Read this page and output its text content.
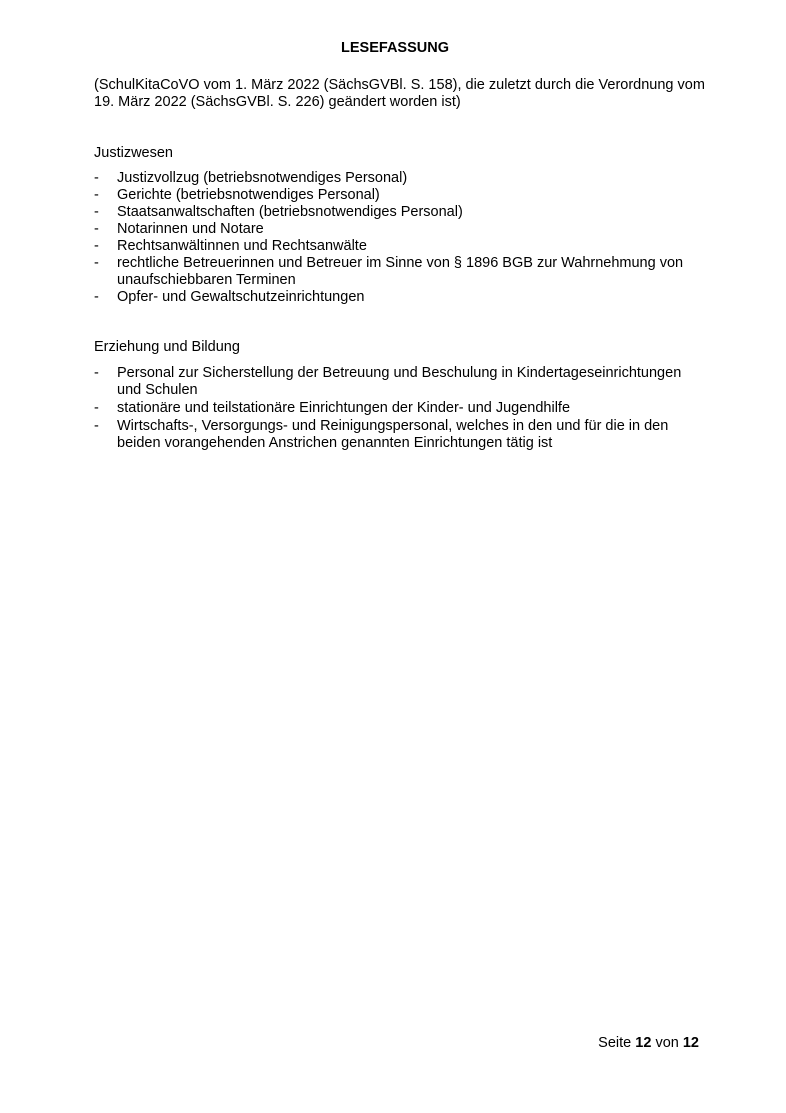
LESEFASSUNG
(SchulKitaCoVO vom 1. März 2022 (SächsGVBl. S. 158), die zuletzt durch die Verordnung vom 19. März 2022 (SächsGVBl. S. 226) geändert worden ist)
Justizwesen
-	Justizvollzug (betriebsnotwendiges Personal)
-	Gerichte (betriebsnotwendiges Personal)
-	Staatsanwaltschaften (betriebsnotwendiges Personal)
-	Notarinnen und Notare
-	Rechtsanwältinnen und Rechtsanwälte
-	rechtliche Betreuerinnen und Betreuer im Sinne von § 1896 BGB zur Wahrnehmung von unaufschiebbaren Terminen
-	Opfer- und Gewaltschutzeinrichtungen
Erziehung und Bildung
-	Personal zur Sicherstellung der Betreuung und Beschulung in Kindertageseinrichtungen und Schulen
-	stationäre und teilstationäre Einrichtungen der Kinder- und Jugendhilfe
-	Wirtschafts-, Versorgungs- und Reinigungspersonal, welches in den und für die in den beiden vorangehenden Anstrichen genannten Einrichtungen tätig ist
Seite 12 von 12
